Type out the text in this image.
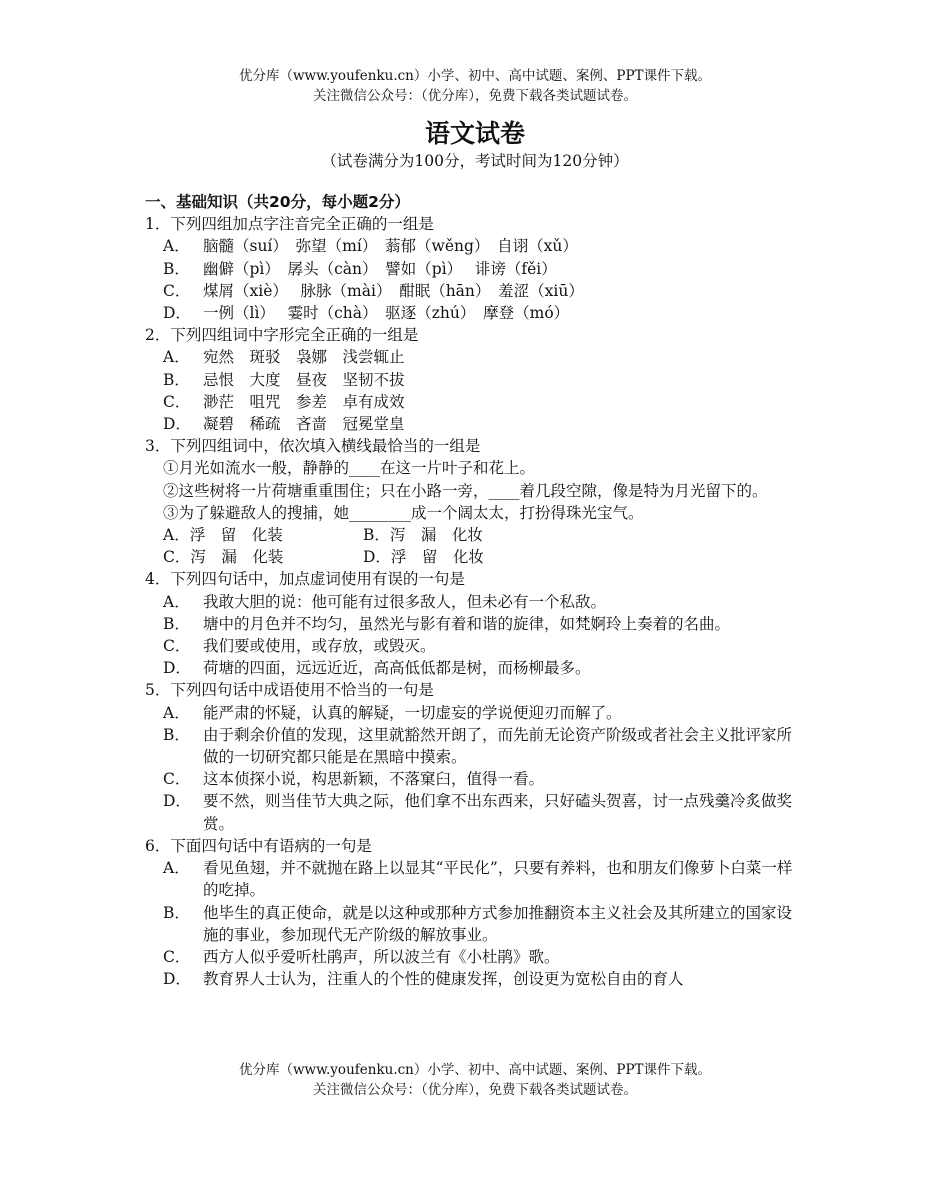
优分库（www.youfenku.cn）小学、初中、高中试题、案例、PPT课件下载。
关注微信公众号：（优分库），免费下载各类试题试卷。
语文试卷
（试卷满分为100分，考试时间为120分钟）
一、基础知识（共20分，每小题2分）
1．下列四组加点字注音完全正确的一组是
A． 脑髓（suí）　弥望（mí）　蓊郁（wěng）　自诩（xǔ）
B． 幽僻（pì）　孱头（càn）　譬如（pì）　 诽谤（fěi）
C． 煤屑（xiè）　 脉脉（mài）　酣眠（hān）　羞涩（xiū）
D． 一例（lì）　 霎时（chà）　驱逐（zhú）　摩登（mó）
2．下列四组词中字形完全正确的一组是
A． 宛然　斑驳　袅娜　浅尝辄止
B． 忌恨　大度　昼夜　坚韧不拔
C． 渺茫　咀咒　参差　卓有成效
D． 凝碧　稀疏　吝啬　冠冕堂皇
3．下列四组词中，依次填入横线最恰当的一组是
①月光如流水一般，静静的____在这一片叶子和花上。
②这些树将一片荷塘重重围住；只在小路一旁，____着几段空隙，像是特为月光留下的。
③为了躲避敌人的搜捕，她________成一个阔太太，打扮得珠光宝气。
A．浮　留　化装	B．泻　漏　化妆
C．泻　漏　化装	D．浮　留　化妆
4．下列四句话中，加点虚词使用有误的一句是
A． 我敢大胆的说：他可能有过很多敌人，但未必有一个私敌。
B． 塘中的月色并不均匀，虽然光与影有着和谐的旋律，如梵婀玲上奏着的名曲。
C． 我们要或使用，或存放，或毁灭。
D． 荷塘的四面，远远近近，高高低低都是树，而杨柳最多。
5．下列四句话中成语使用不恰当的一句是
A． 能严肃的怀疑，认真的解疑，一切虚妄的学说便迎刃而解了。
B． 由于剩余价值的发现，这里就豁然开朗了，而先前无论资产阶级或者社会主义批评家所做的一切研究都只能是在黑暗中摸索。
C． 这本侦探小说，构思新颖，不落窠臼，值得一看。
D． 要不然，则当佳节大典之际，他们拿不出东西来，只好磕头贺喜，讨一点残羹冷炙做奖赏。
6．下面四句话中有语病的一句是
A． 看见鱼翅，并不就抛在路上以显其“平民化”，只要有养料，也和朋友们像萝卜白菜一样的吃掉。
B． 他毕生的真正使命，就是以这种或那种方式参加推翻资本主义社会及其所建立的国家设施的事业，参加现代无产阶级的解放事业。
C． 西方人似乎爱听杜鹃声，所以波兰有《小杜鹃》歌。
D． 教育界人士认为，注重人的个性的健康发挥，创设更为宽松自由的育人
优分库（www.youfenku.cn）小学、初中、高中试题、案例、PPT课件下载。
关注微信公众号：（优分库），免费下载各类试题试卷。
